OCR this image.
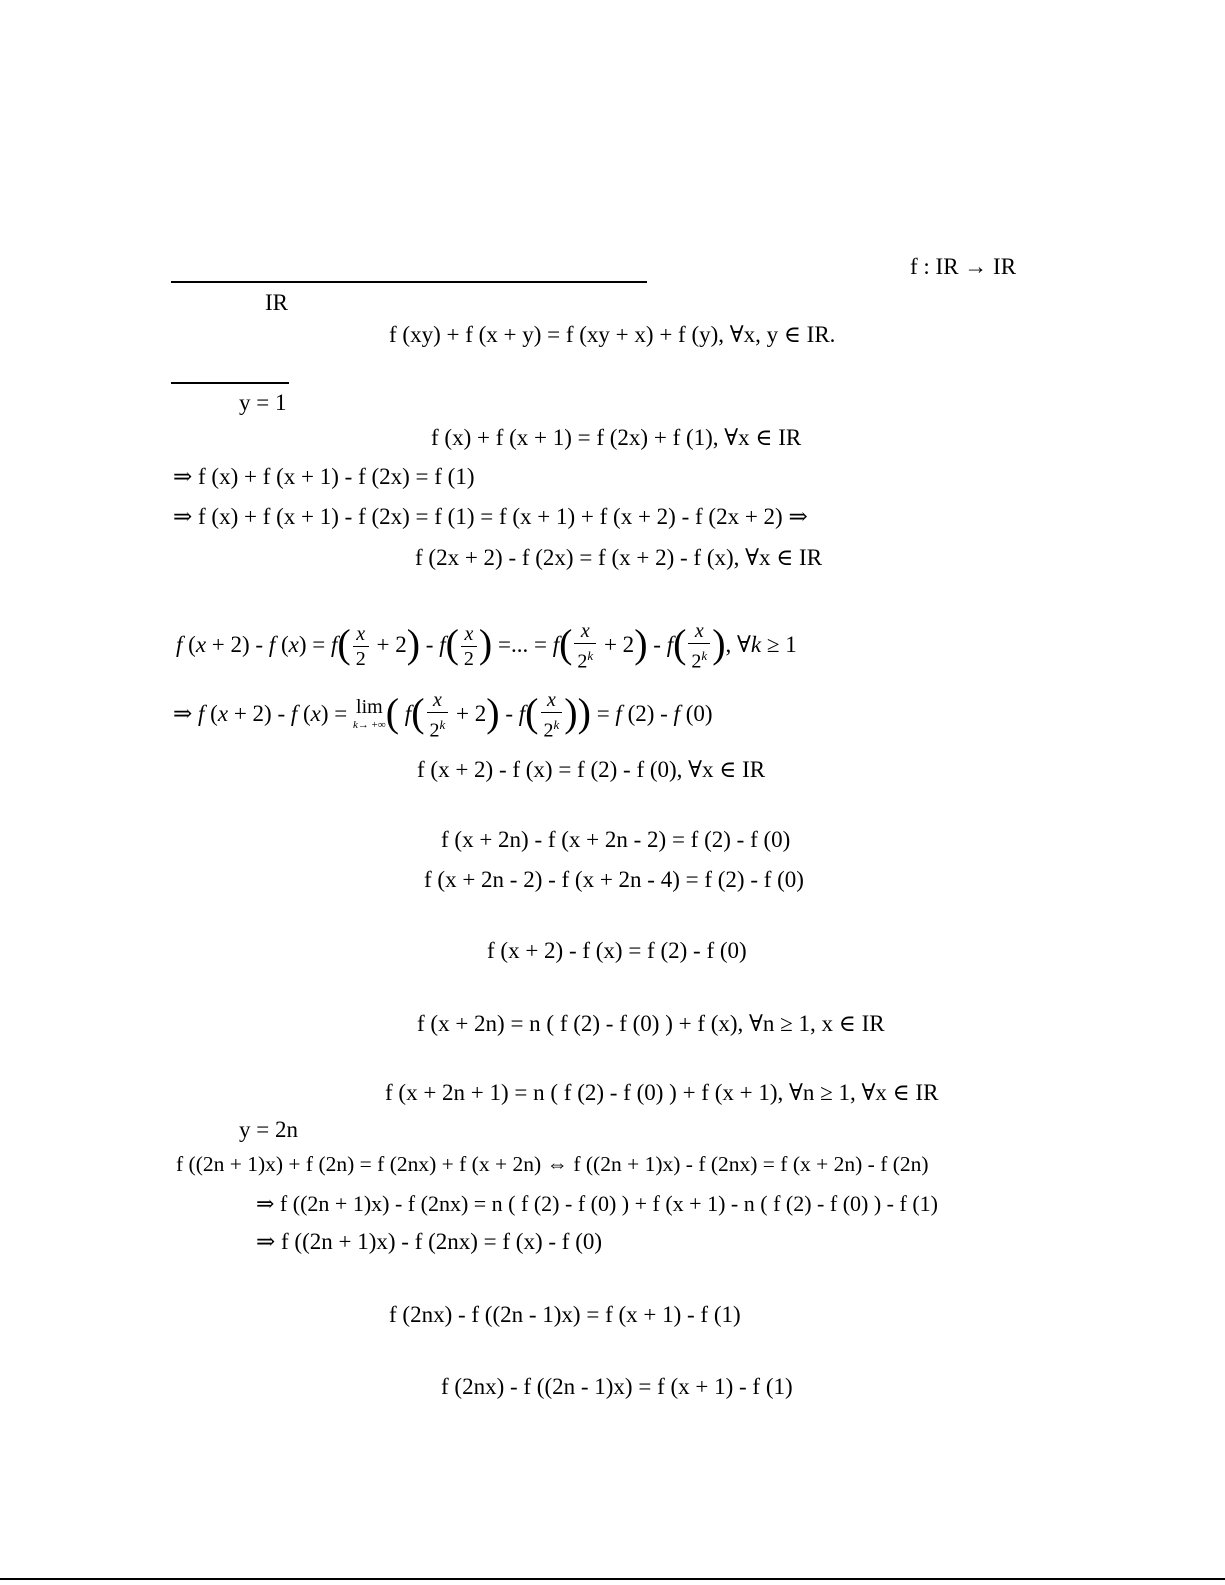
f : IR → IR
IR
f (xy) + f (x + y) = f (xy + x) + f (y), ∀x, y ∈ IR.
y = 1
f (x) + f (x + 1) = f (2x) + f (1), ∀x ∈ IR
⇒ f (x) + f (x + 1) - f (2x) = f (1)
⇒ f (x) + f (x + 1) - f (2x) = f (1) = f (x + 1) + f (x + 2) - f (2x + 2) ⇒
f (2x + 2) - f (2x) = f (x + 2) - f (x), ∀x ∈ IR
f (x + 2) - f $(x) = f( \frac{x}{2} + 2) - f( \frac{x}{2}$ ) =... = $f( \frac{x}{2^k} + 2) - f( \frac{x}{2^k}$ ), ∀k ≥ 1
⇒ f (x + 2) - f (x) = lim
k→ +∞ ( $f( \frac{x}{2^k} + 2) - f( \frac{x}{2^k}$ )) = f (2) - f (0)
f (x + 2) - f (x) = f (2) - f (0), ∀x ∈ IR
f (x + 2n) - f (x + 2n - 2) = f (2) - f (0)
f (x + 2n - 2) - f (x + 2n - 4) = f (2) - f (0)
f (x + 2) - f (x) = f (2) - f (0)
f (x + 2n) = n ( f (2) - f (0) ) + f (x), ∀n ≥ 1, x ∈ IR
f (x + 2n + 1) = n ( f (2) - f (0) ) + f (x + 1), ∀n ≥ 1, ∀x ∈ IR
y = 2n
f ((2n + 1)x) + f (2n) = f (2nx) + f (x + 2n) ⇔ f ((2n + 1)x) - f (2nx) = f (x + 2n) - f (2n)
⇒ f ((2n + 1)x) - f (2nx) = n ( f (2) - f (0) ) + f (x + 1) - n ( f (2) - f (0) ) - f (1)
⇒ f ((2n + 1)x) - f (2nx) = f (x) - f (0)
f (2nx) - f ((2n - 1)x) = f (x + 1) - f (1)
f (2nx) - f ((2n - 1)x) = f (x + 1) - f (1)
